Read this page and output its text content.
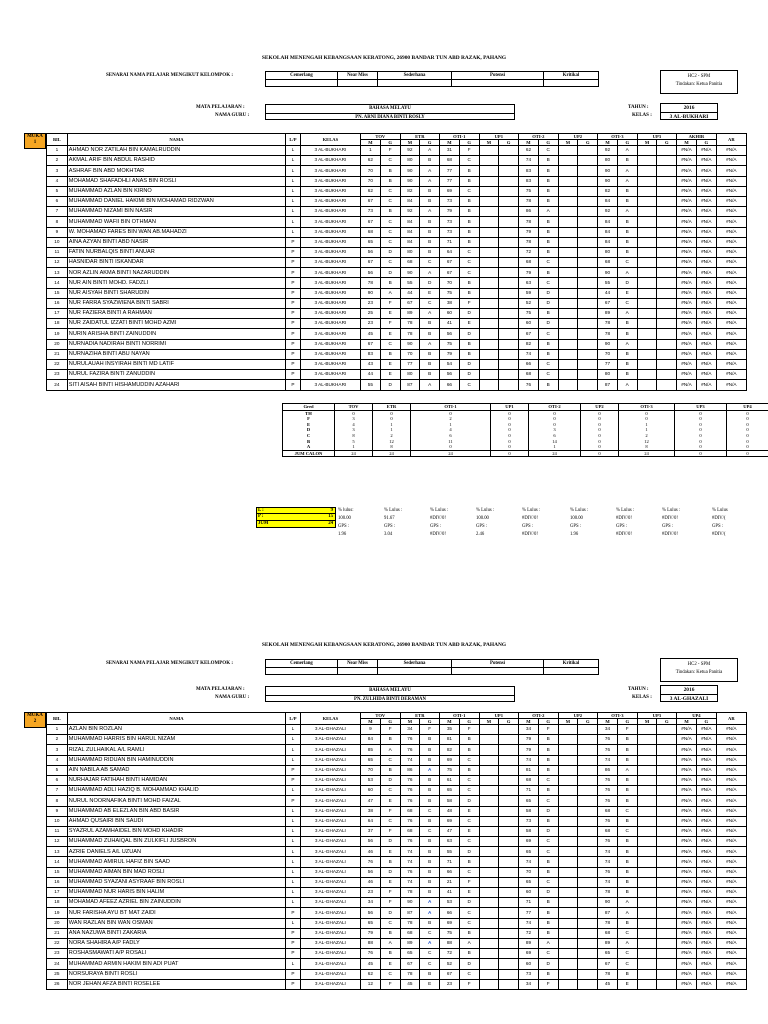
SEKOLAH MENENGAH KEBANGSAAN KERATONG, 26900 BANDAR TUN ABD RAZAK, PAHANG
SENARAI NAMA PELAJAR MENGIKUT KELOMPOK :	Cemerlang	Near Miss	Sederhana	Potensi	Kritikal	HC2 - SPM
Tindakan: Ketua Panitia
MATA PELAJARAN :
NAMA GURU :
BAHASA MELAYU
PN. ARNI DIANA BINTI ROSLY
TAHUN :
KELAS :
2016
3 AL-BUKHARI
MUKA
1
BIL	NAMA	L/P	KELAS	TOV		ETR		OTI-1		UP1		OTI-2		UP2		OTI-3		UP3		AKHIR		AR
				M	G	M	G	M	G	M	G	M	G	M	G	M	G	M	G	M	G	
1	AHMAD NOR ZATILAH BIN KAMALRUDDIN	L	3 AL-BUKHARI	1	F	92	A	31	F			62	C			92	A			#N/A	#N/A	#N/A
2	AKMAL ARIF BIN ABDUL RASHID	L	3 AL-BUKHARI	62	C	80	B	68	C			74	B			80	B			#N/A	#N/A	#N/A
3	ASHRAF BIN ABD MOKHTAR	L	3 AL-BUKHARI	70	B	90	A	77	B			83	B			90	A			#N/A	#N/A	#N/A
4	MOHAMAD SHAFADHLI ANAS BIN ROSLI	L	3 AL-BUKHARI	70	B	90	A	77	B			83	B			90	A			#N/A	#N/A	#N/A
5	MUHAMMAD AZLAN BIN KIRNO	L	3 AL-BUKHARI	62	C	82	B	69	C			75	B			82	B			#N/A	#N/A	#N/A
6	MUHAMMAD DANIEL HAKIMI BIN MOHAMAD RIDZWAN	L	3 AL-BUKHARI	67	C	84	B	73	B			78	B			84	B			#N/A	#N/A	#N/A
7	MUHAMMAD NIZAMI BIN NASIR	L	3 AL-BUKHARI	73	B	92	A	79	B			86	A			92	A			#N/A	#N/A	#N/A
8	MUHAMMAD WAFII BIN OTHMAN	L	3 AL-BUKHARI	67	C	84	B	73	B			78	B			84	B			#N/A	#N/A	#N/A
9	W. MOHAMAD FARES BIN WAN AB.MAHADZI	L	3 AL-BUKHARI	68	C	84	B	73	B			79	B			84	B			#N/A	#N/A	#N/A
10	AINA AZYAN BINTI ABD NASIR	P	3 AL-BUKHARI	65	C	84	B	71	B			78	B			84	B			#N/A	#N/A	#N/A
11	FATIN NURBALQIS BINTI ANUAR	P	3 AL-BUKHARI	56	D	80	B	64	C			72	B			80	B			#N/A	#N/A	#N/A
12	HASNIDAR BINTI ISKANDAR	P	3 AL-BUKHARI	67	C	68	C	67	C			68	C			68	C			#N/A	#N/A	#N/A
13	NOR AZLIN AKMA BINTI NAZARUDDIN	P	3 AL-BUKHARI	56	D	90	A	67	C			79	B			90	A			#N/A	#N/A	#N/A
14	NUR AIN BINTI MOHD. FADZLI	P	3 AL-BUKHARI	78	B	55	D	70	B			63	C			55	D			#N/A	#N/A	#N/A
15	NUR AISYAH BINTI SHARUDIN	P	3 AL-BUKHARI	90	A	44	E	75	B			59	D			44	E			#N/A	#N/A	#N/A
16	NUR FARRA SYAZWIENA BINTI SABRI	P	3 AL-BUKHARI	23	F	67	C	38	F			52	D			67	C			#N/A	#N/A	#N/A
17	NUR FAZIERA BINTI A RAHMAN	P	3 AL-BUKHARI	25	E	89	A	60	D			75	B			89	A			#N/A	#N/A	#N/A
18	NUR ZAIDATUL IZZATI BINTI MOHD AZMI	P	3 AL-BUKHARI	23	F	78	B	41	E			60	D			78	B			#N/A	#N/A	#N/A
19	NURIN ARISHA BINTI ZAINUDDIN	P	3 AL-BUKHARI	45	E	78	B	56	D			67	C			78	B			#N/A	#N/A	#N/A
20	NURNADIA NADIRAH BINTI NORRIMI	P	3 AL-BUKHARI	67	C	90	A	75	B			82	B			90	A			#N/A	#N/A	#N/A
21	NURNAZIHA BINTI ABU NAYAN	P	3 AL-BUKHARI	83	B	70	B	79	B			74	B			70	B			#N/A	#N/A	#N/A
22	NURULAUAH INSYIRAH BINTI MD LATIF	P	3 AL-BUKHARI	43	E	77	B	54	D			66	C			77	B			#N/A	#N/A	#N/A
23	NURUL FAZIRA BINTI ZANUDDIN	P	3 AL-BUKHARI	44	E	80	B	56	D			68	C			80	B			#N/A	#N/A	#N/A
24	SITI AISAH BINTI HISHAMUDDIN AZAHARI	P	3 AL-BUKHARI	55	D	87	A	66	C			76	B			87	A			#N/A	#N/A	#N/A
Gred	TOV	ETR	OTI-1	UP1	OTI-2	UP2	OTI-3	UP3	UP4	
TH	0	0	0	0	0	0	0	0	0	
F	3	0	2	0	0	0	0	0	0	
E	4	1	1	0	0	0	1	0	0	
D	3	1	4	0	3	0	1	0	0	
C	8	2	6	0	6	0	2	0	0	
B	5	12	11	0	14	0	12	0	0	
A	1	8	0	0	1	0	8	0	0	
JUM CALON	24	24	24	0	24	0	24	0	0	
L :	9
P :	15
JUM	24
% lulus:	% Lulus :	% Lulus :	% Lulus :	% Lulus :	% Lulus :	% Lulus :	% Lulus :	% Lulus
100.00	91.67	#DIV/0!	100.00	#DIV/0!	100.00	#DIV/0!	#DIV/0!	#DIV/(
GPS :	GPS :	GPS :	GPS :	GPS :	GPS :	GPS :	GPS :	GPS :
1.96	3.04	#DIV/0!	2.46	#DIV/0!	1.96	#DIV/0!	#DIV/0!	#DIV/(
SEKOLAH MENENGAH KEBANGSAAN KERATONG, 26900 BANDAR TUN ABD RAZAK, PAHANG
SENARAI NAMA PELAJAR MENGIKUT KELOMPOK :	Cemerlang	Near Miss	Sederhana	Potensi	Kritikal	HC2 - SPM
Tindakan: Ketua Panitia
MATA PELAJARAN :
NAMA GURU :
BAHASA MELAYU
PN. ZULHIDA BINTI DERAMAN
TAHUN :
KELAS :
2016
3 AL-GHAZALI
MUKA
2
BIL	NAMA	L/P	KELAS	TOV		ETR		OTI-1		UP1		OTI-2		UP2		OTI-3		UP3		UP4		AR
				M	G	M	G	M	G	M	G	M	G	M	G	M	G	M	G	M	G	
1	AZLAN BIN ROZLAN	L	3 AL-GHAZALI	9	F	34	F	35	F			34	F			34	F			#N/A	#N/A	#N/A
2	MUHAMMAD HARRIS BIN HARUL NIZAM	L	3 AL-GHAZALI	84	B	76	B	81	B			79	B			76	B			#N/A	#N/A	#N/A
3	RIZAL ZULHAIKAL A/L RAMLI	L	3 AL-GHAZALI	85	A	76	B	82	B			79	B			76	B			#N/A	#N/A	#N/A
4	MUHAMMAD RIDUAN BIN HAMINUDDIN	L	3 AL-GHAZALI	65	C	74	B	69	C			74	B			74	B			#N/A	#N/A	#N/A
5	AIN NABILA AB SAMAD	P	3 AL-GHAZALI	70	B	86	A	75	B			81	B			86	A			#N/A	#N/A	#N/A
6	NURHAJAR FATIHAH BINTI HAMIDAN	P	3 AL-GHAZALI	53	D	76	B	61	C			68	C			76	B			#N/A	#N/A	#N/A
7	MUHAMMAD ADLI HAZIQ B. MOHAMMAD KHALID	L	3 AL-GHAZALI	60	C	76	B	65	C			71	B			76	B			#N/A	#N/A	#N/A
8	NURUL NOORNAFIKA BINTI MOHD FAIZAL	P	3 AL-GHAZALI	47	E	76	B	58	D			65	C			76	B			#N/A	#N/A	#N/A
9	MUHAMMAD AB ELEZLAN BIN ABD BASIR	L	3 AL-GHAZALI	38	F	68	C	48	E			58	D			68	C			#N/A	#N/A	#N/A
10	AHMAD QUSAIRI BIN SAUDI	L	3 AL-GHAZALI	64	C	76	B	69	C			73	B			76	B			#N/A	#N/A	#N/A
11	SYAZRUL AZAMHAIDEL BIN MOHD KHADIR	L	3 AL-GHAZALI	37	F	68	C	47	E			58	D			68	C			#N/A	#N/A	#N/A
12	MUHAMMAD ZUHAIQAL BIN ZULKIFLI JUSBRON	L	3 AL-GHAZALI	56	D	76	B	63	C			69	C			76	B			#N/A	#N/A	#N/A
13	AZRIE DANIELS A/L UZUAN	L	3 AL-GHAZALI	46	E	74	B	55	D			65	C			74	B			#N/A	#N/A	#N/A
14	MUHAMMAD AMIRUL HAFIZ BIN SAAD	L	3 AL-GHAZALI	76	B	74	B	71	B			74	B			74	B			#N/A	#N/A	#N/A
15	MUHAMMAD AIMAN BIN MAD ROSLI	L	3 AL-GHAZALI	56	D	76	B	66	C			70	B			76	B			#N/A	#N/A	#N/A
16	MUHAMMAD SYAZANI ASYRAAF BIN ROSLI	L	3 AL-GHAZALI	46	E	74	B	21	F			65	C			74	B			#N/A	#N/A	#N/A
17	MUHAMMAD NUR HARIS BIN HALIM	L	3 AL-GHAZALI	23	F	78	B	41	E			60	D			78	B			#N/A	#N/A	#N/A
18	MOHAMAD AFEEZ AZRIEL BIN ZAINUDDIN	L	3 AL-GHAZALI	34	F	90	A	53	D			71	B			90	A			#N/A	#N/A	#N/A
19	NUR FARISHA AYU BT MAT ZAIDI	P	3 AL-GHAZALI	56	D	87	A	66	C			77	B			87	A			#N/A	#N/A	#N/A
20	WAN RAZLAN BIN WAN OSMAN	L	3 AL-GHAZALI	65	C	78	B	69	C			74	B			78	B			#N/A	#N/A	#N/A
21	ANA NAZUWA BINTI ZAKARIA	P	3 AL-GHAZALI	79	B	68	C	75	B			72	B			68	C			#N/A	#N/A	#N/A
22	NORA SHAHIRA A/P FADLY	P	3 AL-GHAZALI	88	A	89	A	88	A			89	A			89	A			#N/A	#N/A	#N/A
23	ROSHASMAWATI A/P ROSALI	P	3 AL-GHAZALI	76	B	65	C	72	B			69	C			65	C			#N/A	#N/A	#N/A
24	MUHAMMAD ARMIN HAKIM BIN ADI PUAT	L	3 AL-GHAZALI	45	E	67	C	52	D			60	D			67	C			#N/A	#N/A	#N/A
25	NORSURAYA BINTI ROSLI	P	3 AL-GHAZALI	62	C	78	B	67	C			73	B			78	B			#N/A	#N/A	#N/A
26	NOR JEHAN AFZA BINTI ROSELEE	P	3 AL-GHAZALI	12	F	45	E	23	F			34	F			45	E			#N/A	#N/A	#N/A
